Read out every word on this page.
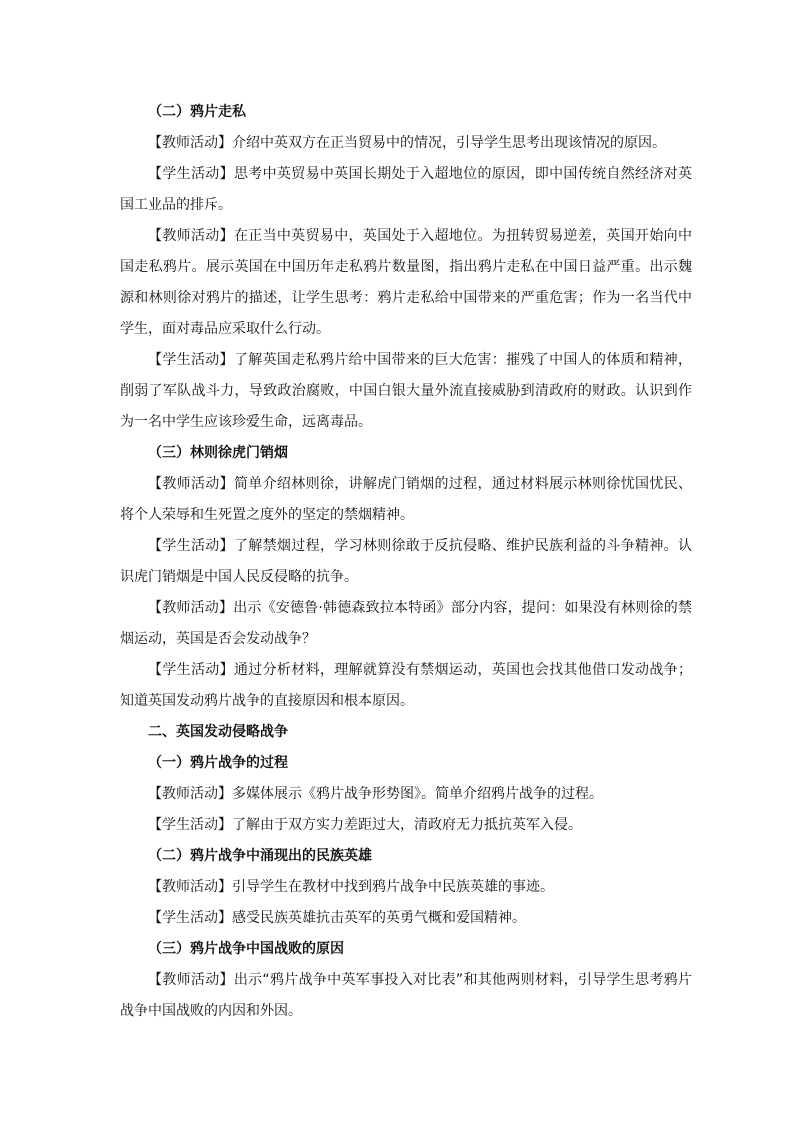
（二）鸦片走私

【教师活动】介绍中英双方在正当贸易中的情况，引导学生思考出现该情况的原因。

【学生活动】思考中英贸易中英国长期处于入超地位的原因，即中国传统自然经济对英国工业品的排斥。

【教师活动】在正当中英贸易中，英国处于入超地位。为扭转贸易逆差，英国开始向中国走私鸦片。展示英国在中国历年走私鸦片数量图，指出鸦片走私在中国日益严重。出示魏源和林则徐对鸦片的描述，让学生思考：鸦片走私给中国带来的严重危害；作为一名当代中学生，面对毒品应采取什么行动。

【学生活动】了解英国走私鸦片给中国带来的巨大危害：摧残了中国人的体质和精神，削弱了军队战斗力，导致政治腐败，中国白银大量外流直接威胁到清政府的财政。认识到作为一名中学生应该珍爱生命，远离毒品。

（三）林则徐虎门销烟

【教师活动】简单介绍林则徐，讲解虎门销烟的过程，通过材料展示林则徐忧国忧民、将个人荣辱和生死置之度外的坚定的禁烟精神。

【学生活动】了解禁烟过程，学习林则徐敢于反抗侵略、维护民族利益的斗争精神。认识虎门销烟是中国人民反侵略的抗争。

【教师活动】出示《安德鲁·韩德森致拉本特函》部分内容，提问：如果没有林则徐的禁烟运动，英国是否会发动战争？

【学生活动】通过分析材料，理解就算没有禁烟运动，英国也会找其他借口发动战争；知道英国发动鸦片战争的直接原因和根本原因。

二、英国发动侵略战争

（一）鸦片战争的过程

【教师活动】多媒体展示《鸦片战争形势图》。简单介绍鸦片战争的过程。

【学生活动】了解由于双方实力差距过大，清政府无力抵抗英军入侵。

（二）鸦片战争中涌现出的民族英雄

【教师活动】引导学生在教材中找到鸦片战争中民族英雄的事迹。

【学生活动】感受民族英雄抗击英军的英勇气概和爱国精神。

（三）鸦片战争中国战败的原因

【教师活动】出示“鸦片战争中英军事投入对比表”和其他两则材料，引导学生思考鸦片战争中国战败的内因和外因。
